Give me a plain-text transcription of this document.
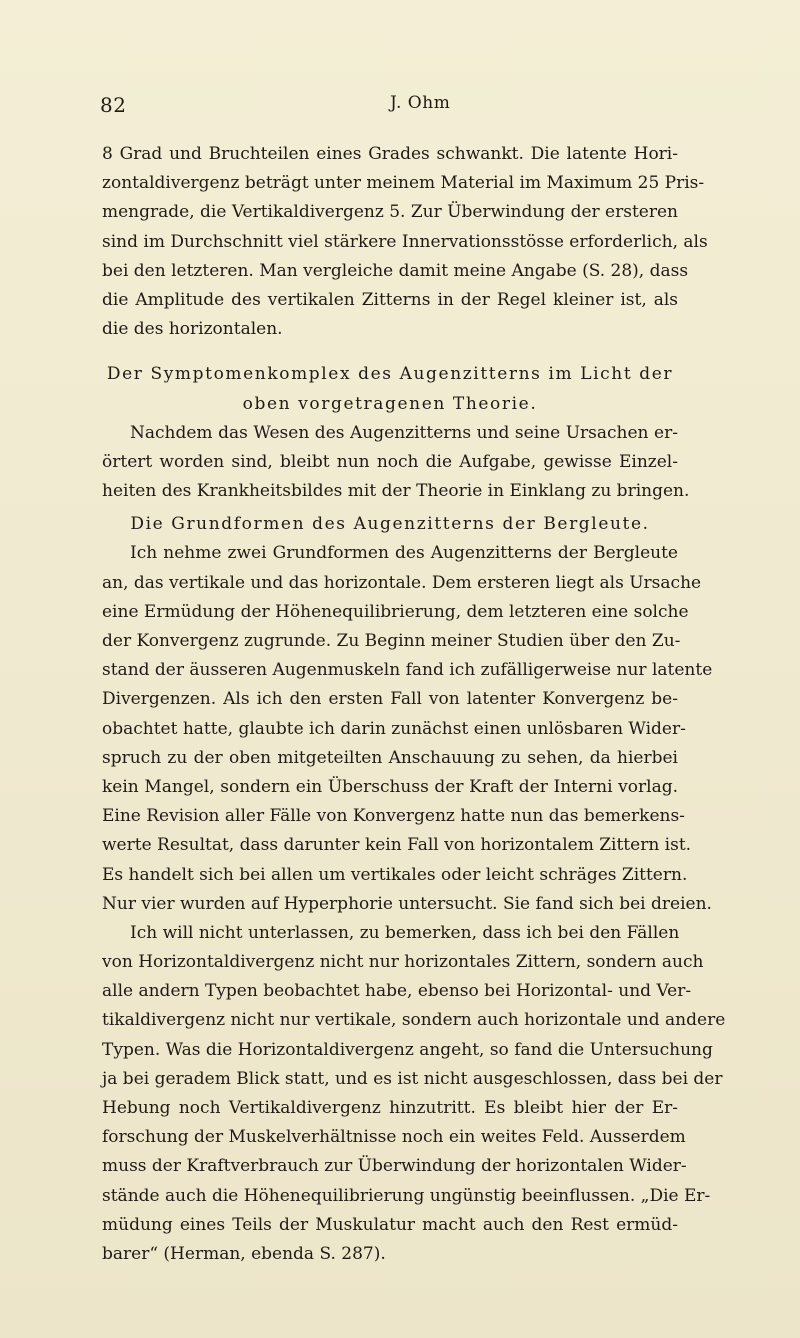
82	J. Ohm
8 Grad und Bruchteilen eines Grades schwankt. Die latente Hori-
zontaldivergenz beträgt unter meinem Material im Maximum 25 Pris-
mengrade, die Vertikaldivergenz 5. Zur Überwindung der ersteren
sind im Durchschnitt viel stärkere Innervationsstösse erforderlich, als
bei den letzteren. Man vergleiche damit meine Angabe (S. 28), dass
die Amplitude des vertikalen Zitterns in der Regel kleiner ist, als
die des horizontalen.
Der Symptomenkomplex des Augenzitterns im Licht der
oben vorgetragenen Theorie.
Nachdem das Wesen des Augenzitterns und seine Ursachen er-
örtert worden sind, bleibt nun noch die Aufgabe, gewisse Einzel-
heiten des Krankheitsbildes mit der Theorie in Einklang zu bringen.
Die Grundformen des Augenzitterns der Bergleute.
Ich nehme zwei Grundformen des Augenzitterns der Bergleute
an, das vertikale und das horizontale. Dem ersteren liegt als Ursache
eine Ermüdung der Höhenequilibrierung, dem letzteren eine solche
der Konvergenz zugrunde. Zu Beginn meiner Studien über den Zu-
stand der äusseren Augenmuskeln fand ich zufälligerweise nur latente
Divergenzen. Als ich den ersten Fall von latenter Konvergenz be-
obachtet hatte, glaubte ich darin zunächst einen unlösbaren Wider-
spruch zu der oben mitgeteilten Anschauung zu sehen, da hierbei
kein Mangel, sondern ein Überschuss der Kraft der Interni vorlag.
Eine Revision aller Fälle von Konvergenz hatte nun das bemerkens-
werte Resultat, dass darunter kein Fall von horizontalem Zittern ist.
Es handelt sich bei allen um vertikales oder leicht schräges Zittern.
Nur vier wurden auf Hyperphorie untersucht. Sie fand sich bei dreien.
Ich will nicht unterlassen, zu bemerken, dass ich bei den Fällen
von Horizontaldivergenz nicht nur horizontales Zittern, sondern auch
alle andern Typen beobachtet habe, ebenso bei Horizontal- und Ver-
tikaldivergenz nicht nur vertikale, sondern auch horizontale und andere
Typen. Was die Horizontaldivergenz angeht, so fand die Untersuchung
ja bei geradem Blick statt, und es ist nicht ausgeschlossen, dass bei der
Hebung noch Vertikaldivergenz hinzutritt. Es bleibt hier der Er-
forschung der Muskelverhältnisse noch ein weites Feld. Ausserdem
muss der Kraftverbrauch zur Überwindung der horizontalen Wider-
stände auch die Höhenequilibrierung ungünstig beeinflussen. „Die Er-
müdung eines Teils der Muskulatur macht auch den Rest ermüd-
barer“ (Herman, ebenda S. 287).
